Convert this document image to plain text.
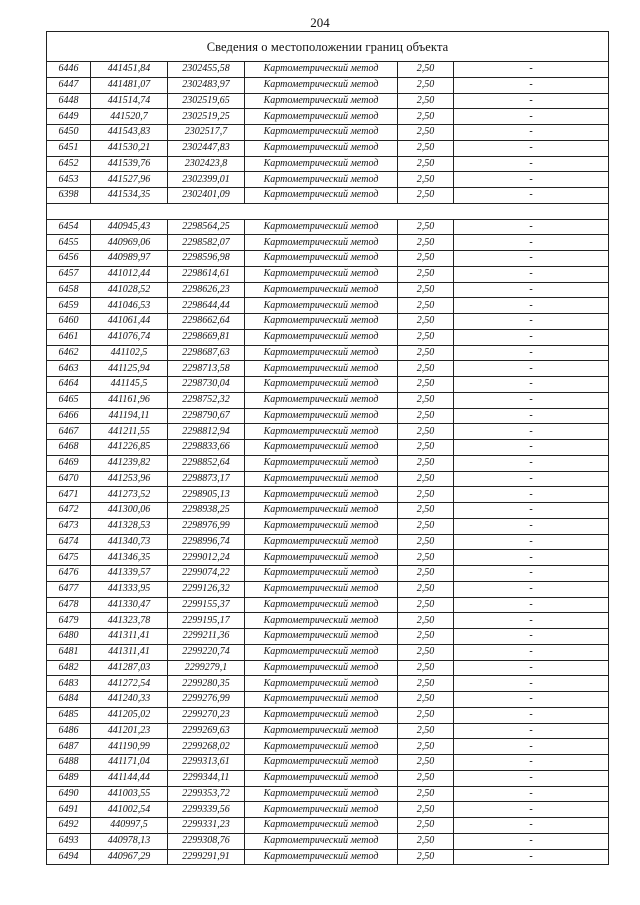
204
Сведения о местоположении границ объекта					
6446	441451,84	2302455,58	Картометрический метод	2,50	-
6447	441481,07	2302483,97	Картометрический метод	2,50	-
6448	441514,74	2302519,65	Картометрический метод	2,50	-
6449	441520,7	2302519,25	Картометрический метод	2,50	-
6450	441543,83	2302517,7	Картометрический метод	2,50	-
6451	441530,21	2302447,83	Картометрический метод	2,50	-
6452	441539,76	2302423,8	Картометрический метод	2,50	-
6453	441527,96	2302399,01	Картометрический метод	2,50	-
6398	441534,35	2302401,09	Картометрический метод	2,50	-

6454	440945,43	2298564,25	Картометрический метод	2,50	-
6455	440969,06	2298582,07	Картометрический метод	2,50	-
6456	440989,97	2298596,98	Картометрический метод	2,50	-
6457	441012,44	2298614,61	Картометрический метод	2,50	-
6458	441028,52	2298626,23	Картометрический метод	2,50	-
6459	441046,53	2298644,44	Картометрический метод	2,50	-
6460	441061,44	2298662,64	Картометрический метод	2,50	-
6461	441076,74	2298669,81	Картометрический метод	2,50	-
6462	441102,5	2298687,63	Картометрический метод	2,50	-
6463	441125,94	2298713,58	Картометрический метод	2,50	-
6464	441145,5	2298730,04	Картометрический метод	2,50	-
6465	441161,96	2298752,32	Картометрический метод	2,50	-
6466	441194,11	2298790,67	Картометрический метод	2,50	-
6467	441211,55	2298812,94	Картометрический метод	2,50	-
6468	441226,85	2298833,66	Картометрический метод	2,50	-
6469	441239,82	2298852,64	Картометрический метод	2,50	-
6470	441253,96	2298873,17	Картометрический метод	2,50	-
6471	441273,52	2298905,13	Картометрический метод	2,50	-
6472	441300,06	2298938,25	Картометрический метод	2,50	-
6473	441328,53	2298976,99	Картометрический метод	2,50	-
6474	441340,73	2298996,74	Картометрический метод	2,50	-
6475	441346,35	2299012,24	Картометрический метод	2,50	-
6476	441339,57	2299074,22	Картометрический метод	2,50	-
6477	441333,95	2299126,32	Картометрический метод	2,50	-
6478	441330,47	2299155,37	Картометрический метод	2,50	-
6479	441323,78	2299195,17	Картометрический метод	2,50	-
6480	441311,41	2299211,36	Картометрический метод	2,50	-
6481	441311,41	2299220,74	Картометрический метод	2,50	-
6482	441287,03	2299279,1	Картометрический метод	2,50	-
6483	441272,54	2299280,35	Картометрический метод	2,50	-
6484	441240,33	2299276,99	Картометрический метод	2,50	-
6485	441205,02	2299270,23	Картометрический метод	2,50	-
6486	441201,23	2299269,63	Картометрический метод	2,50	-
6487	441190,99	2299268,02	Картометрический метод	2,50	-
6488	441171,04	2299313,61	Картометрический метод	2,50	-
6489	441144,44	2299344,11	Картометрический метод	2,50	-
6490	441003,55	2299353,72	Картометрический метод	2,50	-
6491	441002,54	2299339,56	Картометрический метод	2,50	-
6492	440997,5	2299331,23	Картометрический метод	2,50	-
6493	440978,13	2299308,76	Картометрический метод	2,50	-
6494	440967,29	2299291,91	Картометрический метод	2,50	-
